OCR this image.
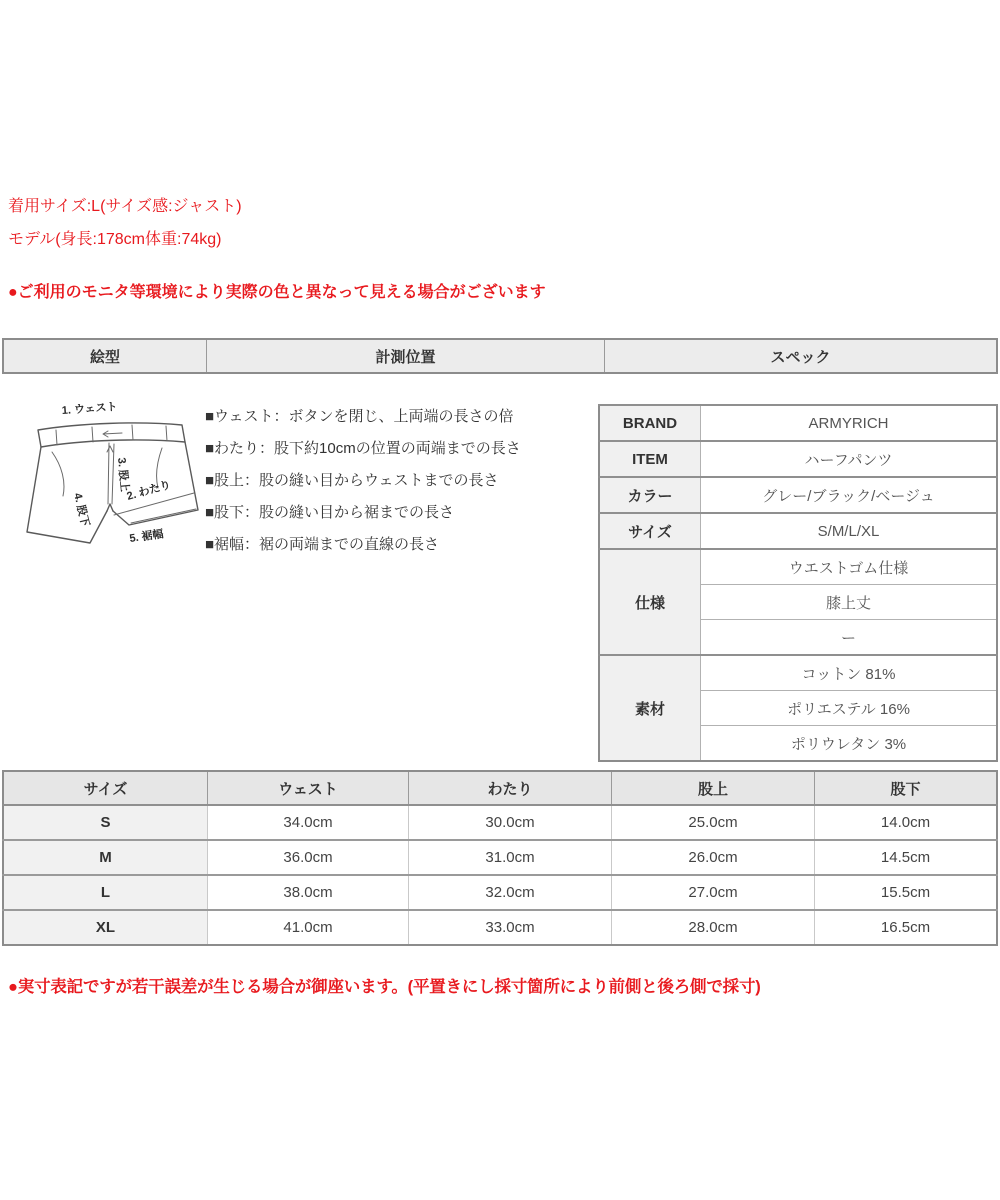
着用サイズ:L(サイズ感:ジャスト)
モデル(身長:178cm体重:74kg)
●ご利用のモニタ等環境により実際の色と異なって見える場合がございます
絵型	計測位置	スペック
1. ウェスト
2. わたり
3. 股上
4. 股下
5. 裾幅
■ウェスト：ボタンを閉じ、上両端の長さの倍
■わたり：股下約10cmの位置の両端までの長さ
■股上：股の縫い目からウェストまでの長さ
■股下：股の縫い目から裾までの長さ
■裾幅：裾の両端までの直線の長さ
BRAND	ARMYRICH
ITEM	ハーフパンツ
カラー	グレー/ブラック/ベージュ
サイズ	S/M/L/XL
仕様	ウエストゴム仕様
	膝上丈
	ー
素材	コットン 81%
	ポリエステル 16%
	ポリウレタン 3%
サイズ	ウェスト	わたり	股上	股下
S	34.0cm	30.0cm	25.0cm	14.0cm
M	36.0cm	31.0cm	26.0cm	14.5cm
L	38.0cm	32.0cm	27.0cm	15.5cm
XL	41.0cm	33.0cm	28.0cm	16.5cm
●実寸表記ですが若干誤差が生じる場合が御座います。(平置きにし採寸箇所により前側と後ろ側で採寸)
